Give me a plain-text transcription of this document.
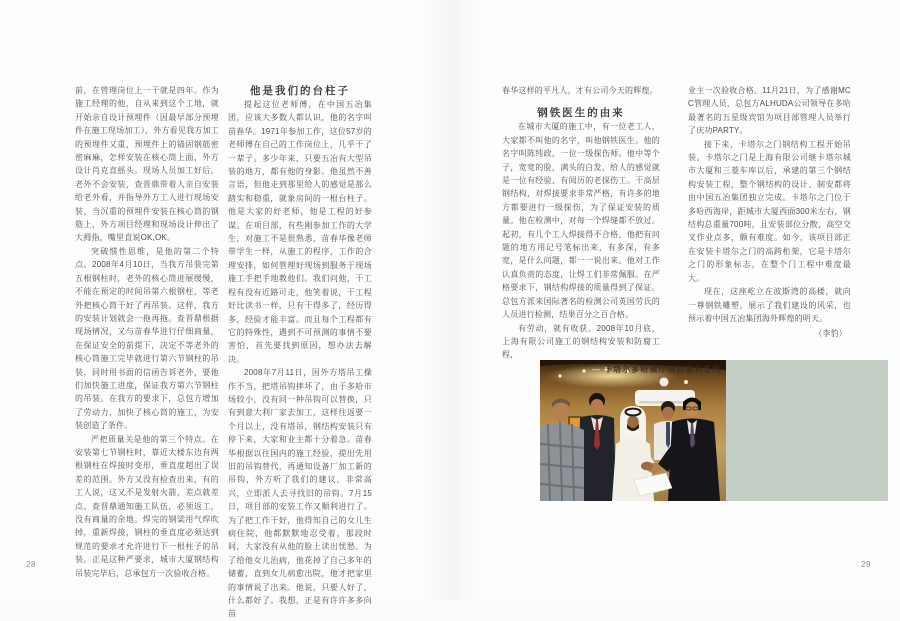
前，在管理岗位上一干就是四年。作为施工经理的他，自从来到这个工地，就开始亲自设计预埋件（因最早部分预埋件在施工现场加工），外方看见我方加工的预埋件又重，预埋件上的锚固钢筋密密麻麻，怎样安装在核心筒上面，外方设计肖克直摇头。现场人员加工好后，老外不会安装，查晋鼎带着人亲自安装给老外看，并指导外方工人进行现场安装，当沉重的预埋件安装在核心筒的钢筋上，外方项目经理和现场设计伸出了大拇指，嘴里直说OK,OK。

突破惯性思维，是他的第二个特点。2008年4月10日，当我方吊装完第五根钢柱时，老外的核心筒进展缓慢，不能在预定的时间吊第六根钢柱，等老外把核心筒干好了再吊装。这样，我方的安装计划就会一拖再拖。查晋鼎根据现场情况，又与苗春华进行仔细商量，在保证安全的前提下，决定不等老外的核心筒施工完毕就进行第六节钢柱的吊装，同时用书面的信函告诉老外，要他们加快施工进度，保证我方第六节钢柱的吊装。在我方的要求下，总包方增加了劳动力，加快了核心筒的施工，为安装创造了条件。

严把质量关是他的第三个特点。在安装第七节钢柱时，靠近大楼东边有两根钢柱在焊接时变形，垂直度超出了误差的范围。外方又没有检查出来，有的工人说，这又不是发射火箭，差点就差点。查晋鼎通知施工队伍，必须返工，没有商量的余地。焊完的钢梁用气焊吹掉，重新焊接，钢柱的垂直度必须达到规范的要求才允许进行下一根柱子的吊装。正是这种严要求，城市大厦钢结构吊装完毕后，总承包方一次验收合格。

他是我们的台柱子

提起这位老师傅，在中国五冶集团，应该大多数人都认识，他的名字叫苗春华。1971年参加工作，这位57岁的老师傅在自己的工作岗位上，几乎干了一辈子。多少年来，只要五冶有大型吊装的地方，都有他的身影。他虽然不善言语，但他走到那里给人的感觉是那么踏实和稳重，就象房间的一根台柱子。他是大家的好老师，他是工程的好参谋。在项目部，有些刚参加工作的大学生，对施工不是很熟悉，苗春华像老师带学生一样，从施工的程序，工作的合理安排，如何管理好现场到服务于现场施工手把手地教他们。我们问他，干工程有没有近路可走，他笑着说，干工程好比读书一样，只有干得多了，经历得多，经验才能丰富。而且每个工程都有它的特殊性，遇到不可预测的事情不要害怕，首先要找到原因，想办法去解决。

2008年7月11日，因外方塔吊工操作不当，把塔吊钩摔坏了，由于多哈市场较小，没有同一种吊钩可以替换，只有到意大利厂家去加工，这样往返要一个月以上，没有塔吊，钢结构安装只有停下来，大家和业主都十分着急。苗春华根据以往国内的施工经验，提出先用旧的吊钩替代，再通知设备厂加工新的吊钩，外方听了我们的建议，非常高兴，立即派人去寻找旧的吊钩。7月15日，项目部的安装工作又顺利进行了。为了把工作干好，他得知自己的女儿生病住院，他都默默地忍受着，那段时间，大家没有从他的脸上读出忧愁。为了给他女儿治病，他花掉了自己多年的储蓄，直到女儿病愈出院，他才把家里的事情说了出来。他说，只要人好了，什么都好了。我想，正是有许许多多向苗

春华这样的平凡人，才有公司今天的辉煌。

钢铁医生的由来

在城市大厦的施工中，有一位老工人，大家都不叫他的名字，叫他钢铁医生。他的名字叫陈纯政，一位一级探伤师。他中等个子，宽宽的脸，满头的白发，给人的感觉就是一位有经验、有阅历的老探伤工。干高层钢结构，对焊接要求非常严格，有许多的地方都要进行一级探伤，为了保证安装的质量。他在检测中，对每一个焊缝都不放过。起初，有几个工人焊接得不合格，他把有问题的地方用记号笔标出来，有多深，有多宽，是什么问题，都一一说出来。他对工作认真负责的态度，让焊工们非常佩服。在严格要求下，钢结构焊接的质量得到了保证。总包方派来国际著名的检测公司英国劳氏的人员进行检测，结果百分之百合格。

有劳动，就有收获。2008年10月底，上海有限公司施工的钢结构安装和防腐工程，

业主一次验收合格。11月21日，为了感谢MCC管理人员，总包方ALHUDA公司领导在多哈最著名的五星级宾馆为项目部管理人员举行了庆功PARTY。

接下来，卡塔尔之门钢结构工程开始吊装。卡塔尔之门是上海有限公司继卡塔尔城市大厦和三菱车库以后，承建的第三个钢结构安装工程，整个钢结构的设计、制安都将由中国五冶集团独立完成。卡塔尔之门位于多哈西海岸，距城市大厦西面300米左右，钢结构总重量700吨，且安装部位分散，高空交叉作业点多，颇有难度。如今，该项目部正在安装卡塔尔之门的高跨桁架，它是卡塔尔之门的形象标志，在整个门工程中难度最大。

现在，这座屹立在波斯湾的高楼，就向一尊钢铁雕塑，展示了我们建设的风采，也预示着中国五冶集团海外辉煌的明天。

（李豹）

— 卡塔尔多哈展厅项目顺利签约
28	29
